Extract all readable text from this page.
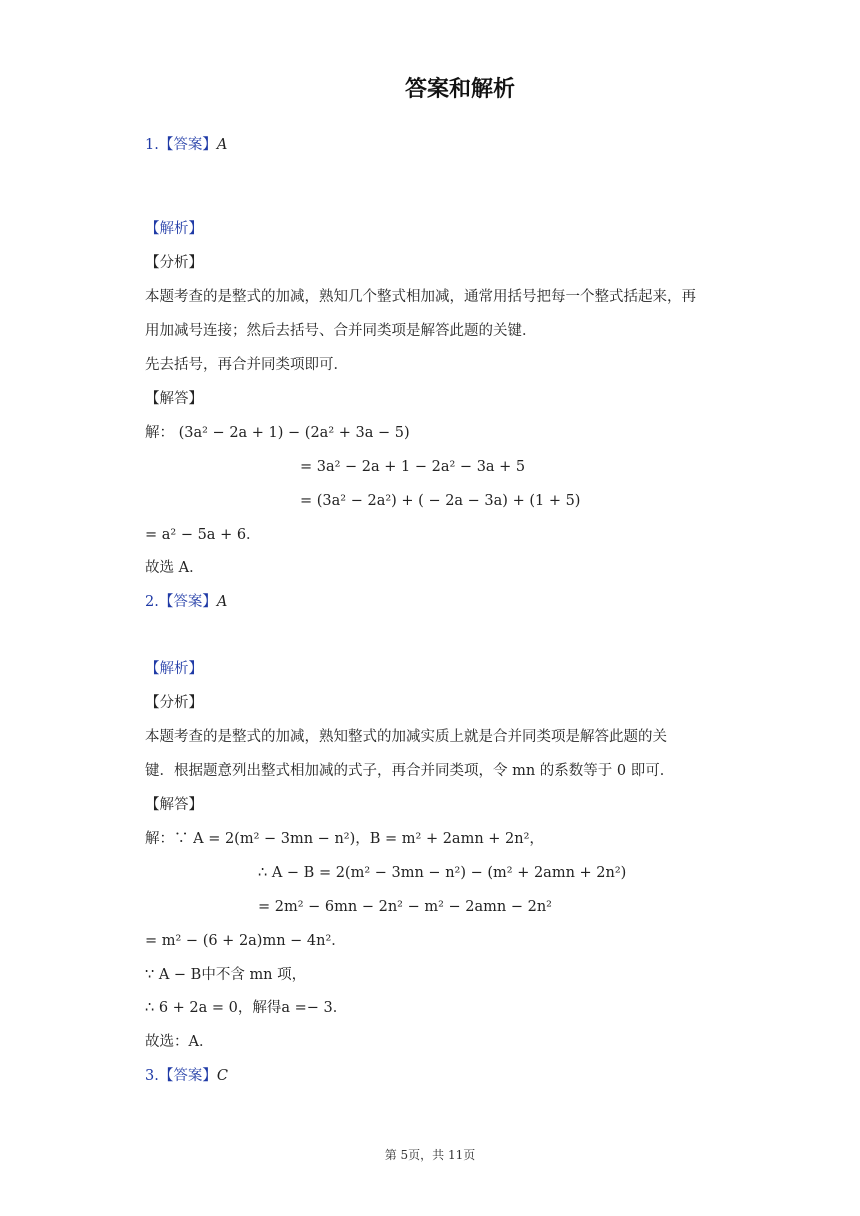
答案和解析
1.【答案】A
【解析】
【分析】
本题考查的是整式的加减，熟知几个整式相加减，通常用括号把每一个整式括起来，再
用加减号连接；然后去括号、合并同类项是解答此题的关键．
先去括号，再合并同类项即可．
【解答】
解： (3a² − 2a + 1) − (2a² + 3a − 5)
= 3a² − 2a + 1 − 2a² − 3a + 5
= (3a² − 2a²) + ( − 2a − 3a) + (1 + 5)
= a² − 5a + 6．
故选 A．
2.【答案】A
【解析】
【分析】
本题考查的是整式的加减，熟知整式的加减实质上就是合并同类项是解答此题的关
键．根据题意列出整式相加减的式子，再合并同类项，令 mn 的系数等于 0 即可．
【解答】
解：∵ A = 2(m² − 3mn − n²)，B = m² + 2amn + 2n²，
∴ A − B = 2(m² − 3mn − n²) − (m² + 2amn + 2n²)
= 2m² − 6mn − 2n² − m² − 2amn − 2n²
= m² − (6 + 2a)mn − 4n²．
∵ A − B中不含 mn 项，
∴ 6 + 2a = 0，解得a =− 3．
故选：A．
3.【答案】C
第 5页，共 11页
